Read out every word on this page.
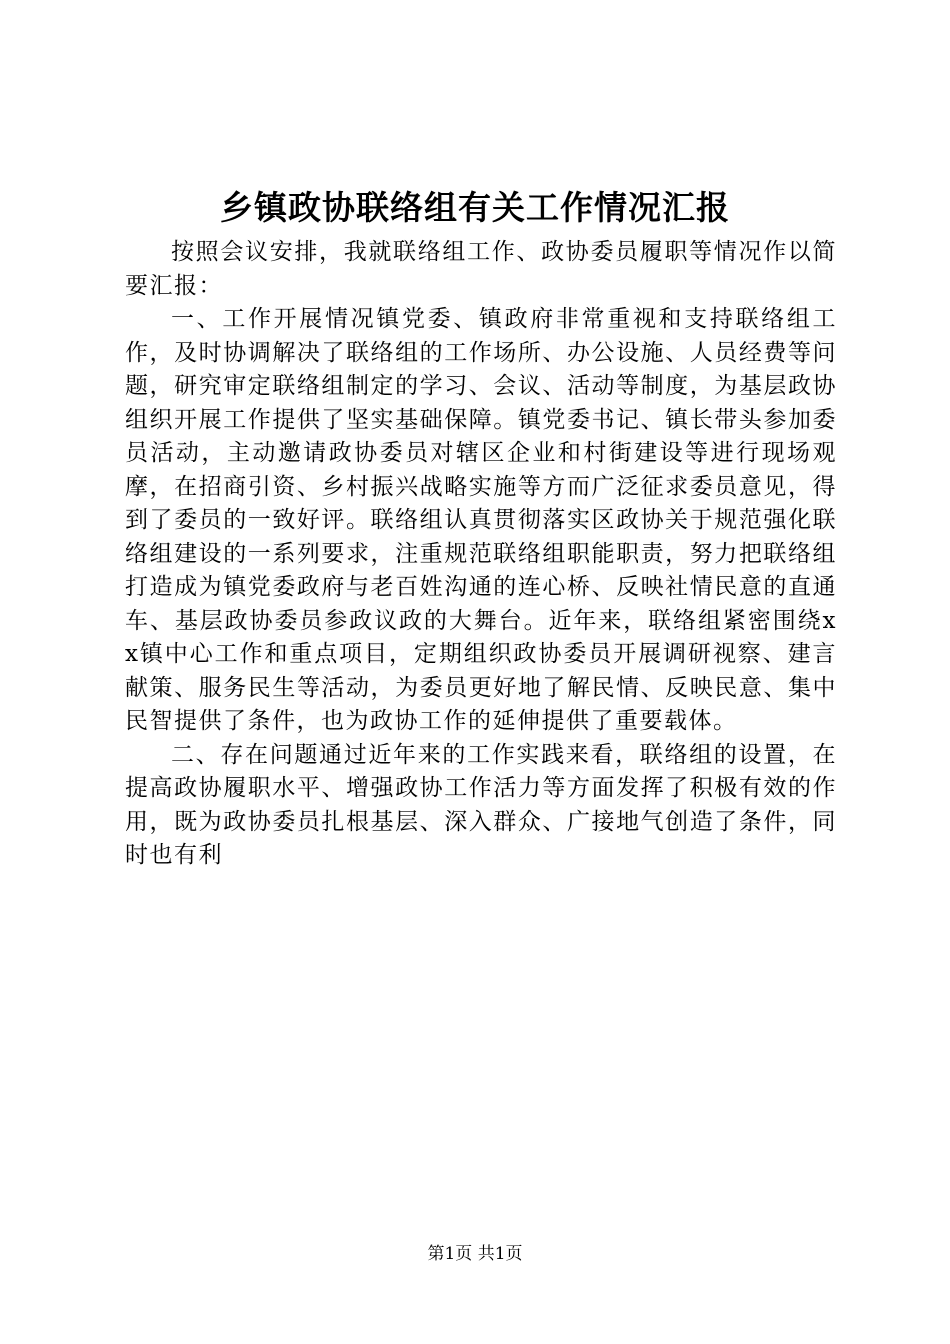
乡镇政协联络组有关工作情况汇报

按照会议安排，我就联络组工作、政协委员履职等情况作以简要汇报：

一、工作开展情况镇党委、镇政府非常重视和支持联络组工作，及时协调解决了联络组的工作场所、办公设施、人员经费等问题，研究审定联络组制定的学习、会议、活动等制度，为基层政协组织开展工作提供了坚实基础保障。镇党委书记、镇长带头参加委员活动，主动邀请政协委员对辖区企业和村街建设等进行现场观摩，在招商引资、乡村振兴战略实施等方而广泛征求委员意见，得到了委员的一致好评。联络组认真贯彻落实区政协关于规范强化联络组建设的一系列要求，注重规范联络组职能职责，努力把联络组打造成为镇党委政府与老百姓沟通的连心桥、反映社情民意的直通车、基层政协委员参政议政的大舞台。近年来，联络组紧密围绕xx镇中心工作和重点项目，定期组织政协委员开展调研视察、建言献策、服务民生等活动，为委员更好地了解民情、反映民意、集中民智提供了条件，也为政协工作的延伸提供了重要载体。

二、存在问题通过近年来的工作实践来看，联络组的设置，在提高政协履职水平、增强政协工作活力等方面发挥了积极有效的作用，既为政协委员扎根基层、深入群众、广接地气创造了条件，同时也有利

第1页 共1页
